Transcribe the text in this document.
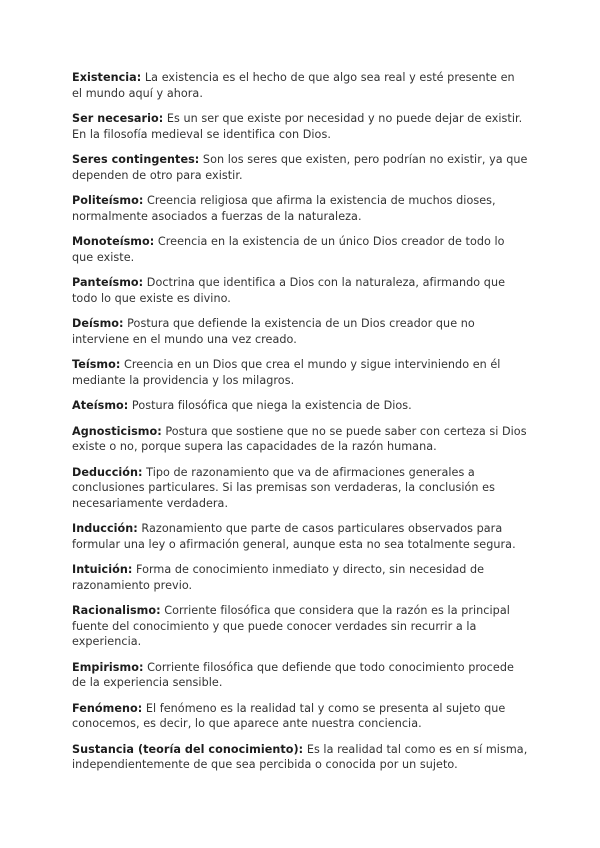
Existencia: La existencia es el hecho de que algo sea real y esté presente en el mundo aquí y ahora.

Ser necesario: Es un ser que existe por necesidad y no puede dejar de existir. En la filosofía medieval se identifica con Dios.

Seres contingentes: Son los seres que existen, pero podrían no existir, ya que dependen de otro para existir.

Politeísmo: Creencia religiosa que afirma la existencia de muchos dioses, normalmente asociados a fuerzas de la naturaleza.

Monoteísmo: Creencia en la existencia de un único Dios creador de todo lo que existe.

Panteísmo: Doctrina que identifica a Dios con la naturaleza, afirmando que todo lo que existe es divino.

Deísmo: Postura que defiende la existencia de un Dios creador que no interviene en el mundo una vez creado.

Teísmo: Creencia en un Dios que crea el mundo y sigue interviniendo en él mediante la providencia y los milagros.

Ateísmo: Postura filosófica que niega la existencia de Dios.

Agnosticismo: Postura que sostiene que no se puede saber con certeza si Dios existe o no, porque supera las capacidades de la razón humana.

Deducción: Tipo de razonamiento que va de afirmaciones generales a conclusiones particulares. Si las premisas son verdaderas, la conclusión es necesariamente verdadera.

Inducción: Razonamiento que parte de casos particulares observados para formular una ley o afirmación general, aunque esta no sea totalmente segura.

Intuición: Forma de conocimiento inmediato y directo, sin necesidad de razonamiento previo.

Racionalismo: Corriente filosófica que considera que la razón es la principal fuente del conocimiento y que puede conocer verdades sin recurrir a la experiencia.

Empirismo: Corriente filosófica que defiende que todo conocimiento procede de la experiencia sensible.

Fenómeno: El fenómeno es la realidad tal y como se presenta al sujeto que conocemos, es decir, lo que aparece ante nuestra conciencia.

Sustancia (teoría del conocimiento): Es la realidad tal como es en sí misma, independientemente de que sea percibida o conocida por un sujeto.
